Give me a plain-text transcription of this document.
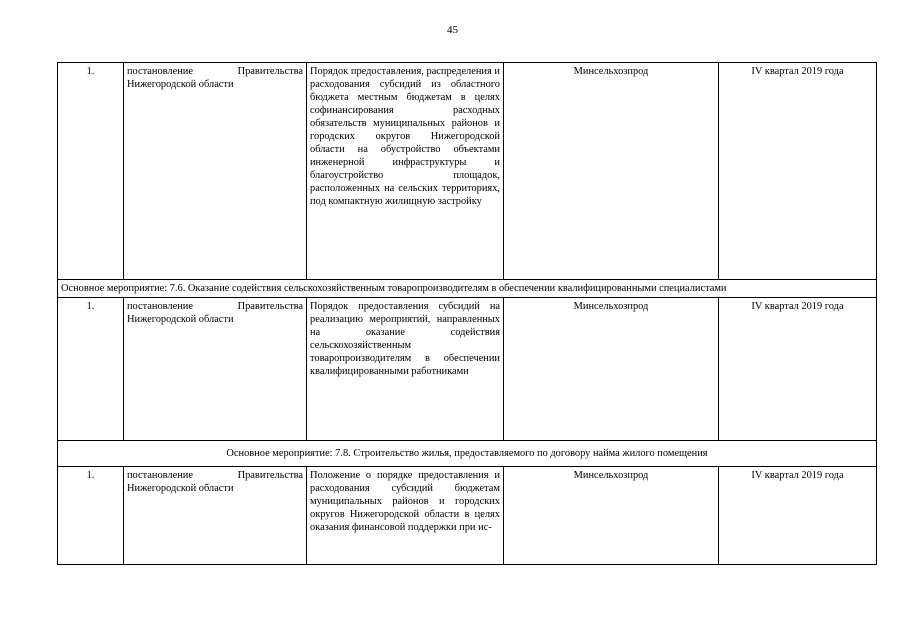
45
1.	постановление Правительства Нижегородской области	Порядок предоставления, распределения и расходования субсидий из областного бюджета местным бюджетам в целях софинансирования расходных обязательств муниципальных районов и городских округов Нижегородской области на обустройство объектами инженерной инфраструктуры и благоустройство площадок, расположенных на сельских территориях, под компактную жилищную застройку	Минсельхозпрод	IV квартал 2019 года
Основное мероприятие: 7.6. Оказание содействия сельскохозяйственным товаропроизводителям в обеспечении квалифицированными специалистами				
1.	постановление Правительства Нижегородской области	Порядок предоставления субсидий на реализацию мероприятий, направленных на оказание содействия сельскохозяйственным товаропроизводителям в обеспечении квалифицированными работниками	Минсельхозпрод	IV квартал 2019 года
Основное мероприятие: 7.8. Строительство жилья, предоставляемого по договору найма жилого помещения				
1.	постановление Правительства Нижегородской области	Положение о порядке предоставления и расходования субсидий бюджетам муниципальных районов и городских округов Нижегородской области в целях оказания финансовой поддержки при ис-	Минсельхозпрод	IV квартал 2019 года
